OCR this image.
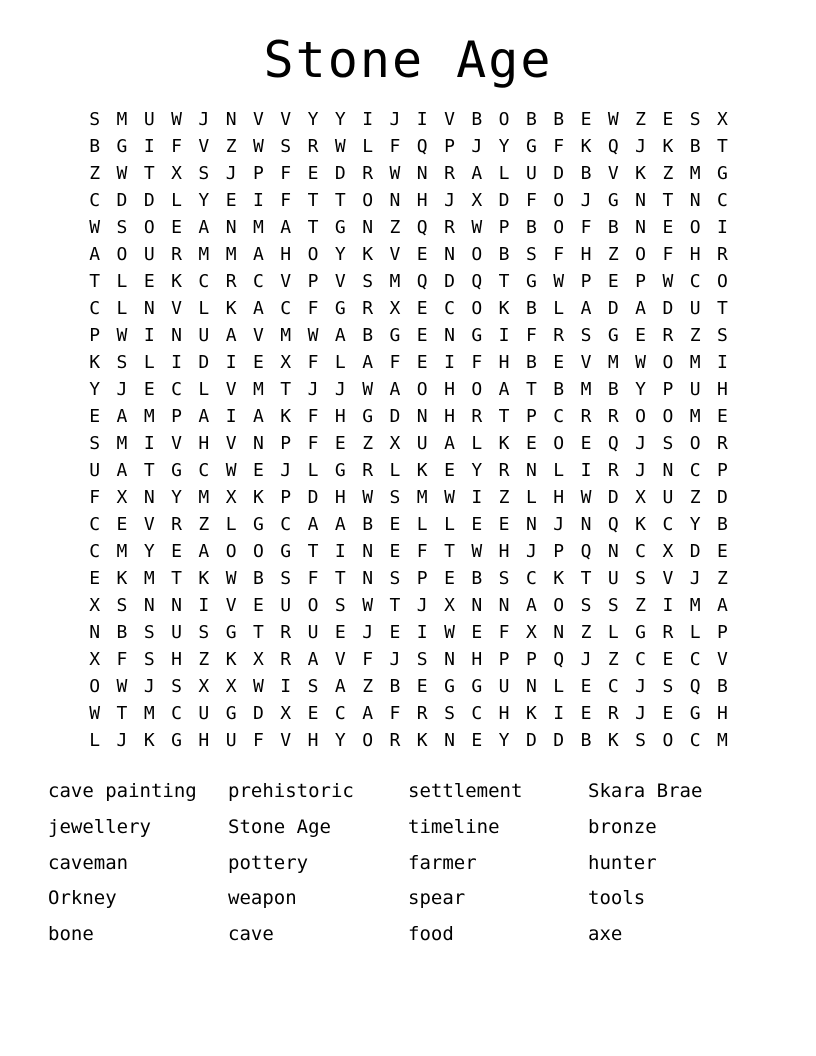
Stone Age
S M U W J N V V Y Y I J I V B O B B E W Z E S X
B G I F V Z W S R W L F Q P J Y G F K Q J K B T
Z W T X S J P F E D R W N R A L U D B V K Z M G
C D D L Y E I F T T O N H J X D F O J G N T N C
W S O E A N M A T G N Z Q R W P B O F B N E O I
A O U R M M A H O Y K V E N O B S F H Z O F H R
T L E K C R C V P V S M Q D Q T G W P E P W C O
C L N V L K A C F G R X E C O K B L A D A D U T
P W I N U A V M W A B G E N G I F R S G E R Z S
K S L I D I E X F L A F E I F H B E V M W O M I
Y J E C L V M T J J W A O H O A T B M B Y P U H
E A M P A I A K F H G D N H R T P C R R O O M E
S M I V H V N P F E Z X U A L K E O E Q J S O R
U A T G C W E J L G R L K E Y R N L I R J N C P
F X N Y M X K P D H W S M W I Z L H W D X U Z D
C E V R Z L G C A A B E L L E E N J N Q K C Y B
C M Y E A O O G T I N E F T W H J P Q N C X D E
E K M T K W B S F T N S P E B S C K T U S V J Z
X S N N I V E U O S W T J X N N A O S S Z I M A
N B S U S G T R U E J E I W E F X N Z L G R L P
X F S H Z K X R A V F J S N H P P Q J Z C E C V
O W J S X X W I S A Z B E G G U N L E C J S Q B
W T M C U G D X E C A F R S C H K I E R J E G H
L J K G H U F V H Y O R K N E Y D D B K S O C M
cave painting
jewellery
caveman
Orkney
bone
prehistoric
Stone Age
pottery
weapon
cave
settlement
timeline
farmer
spear
food
Skara Brae
bronze
hunter
tools
axe
